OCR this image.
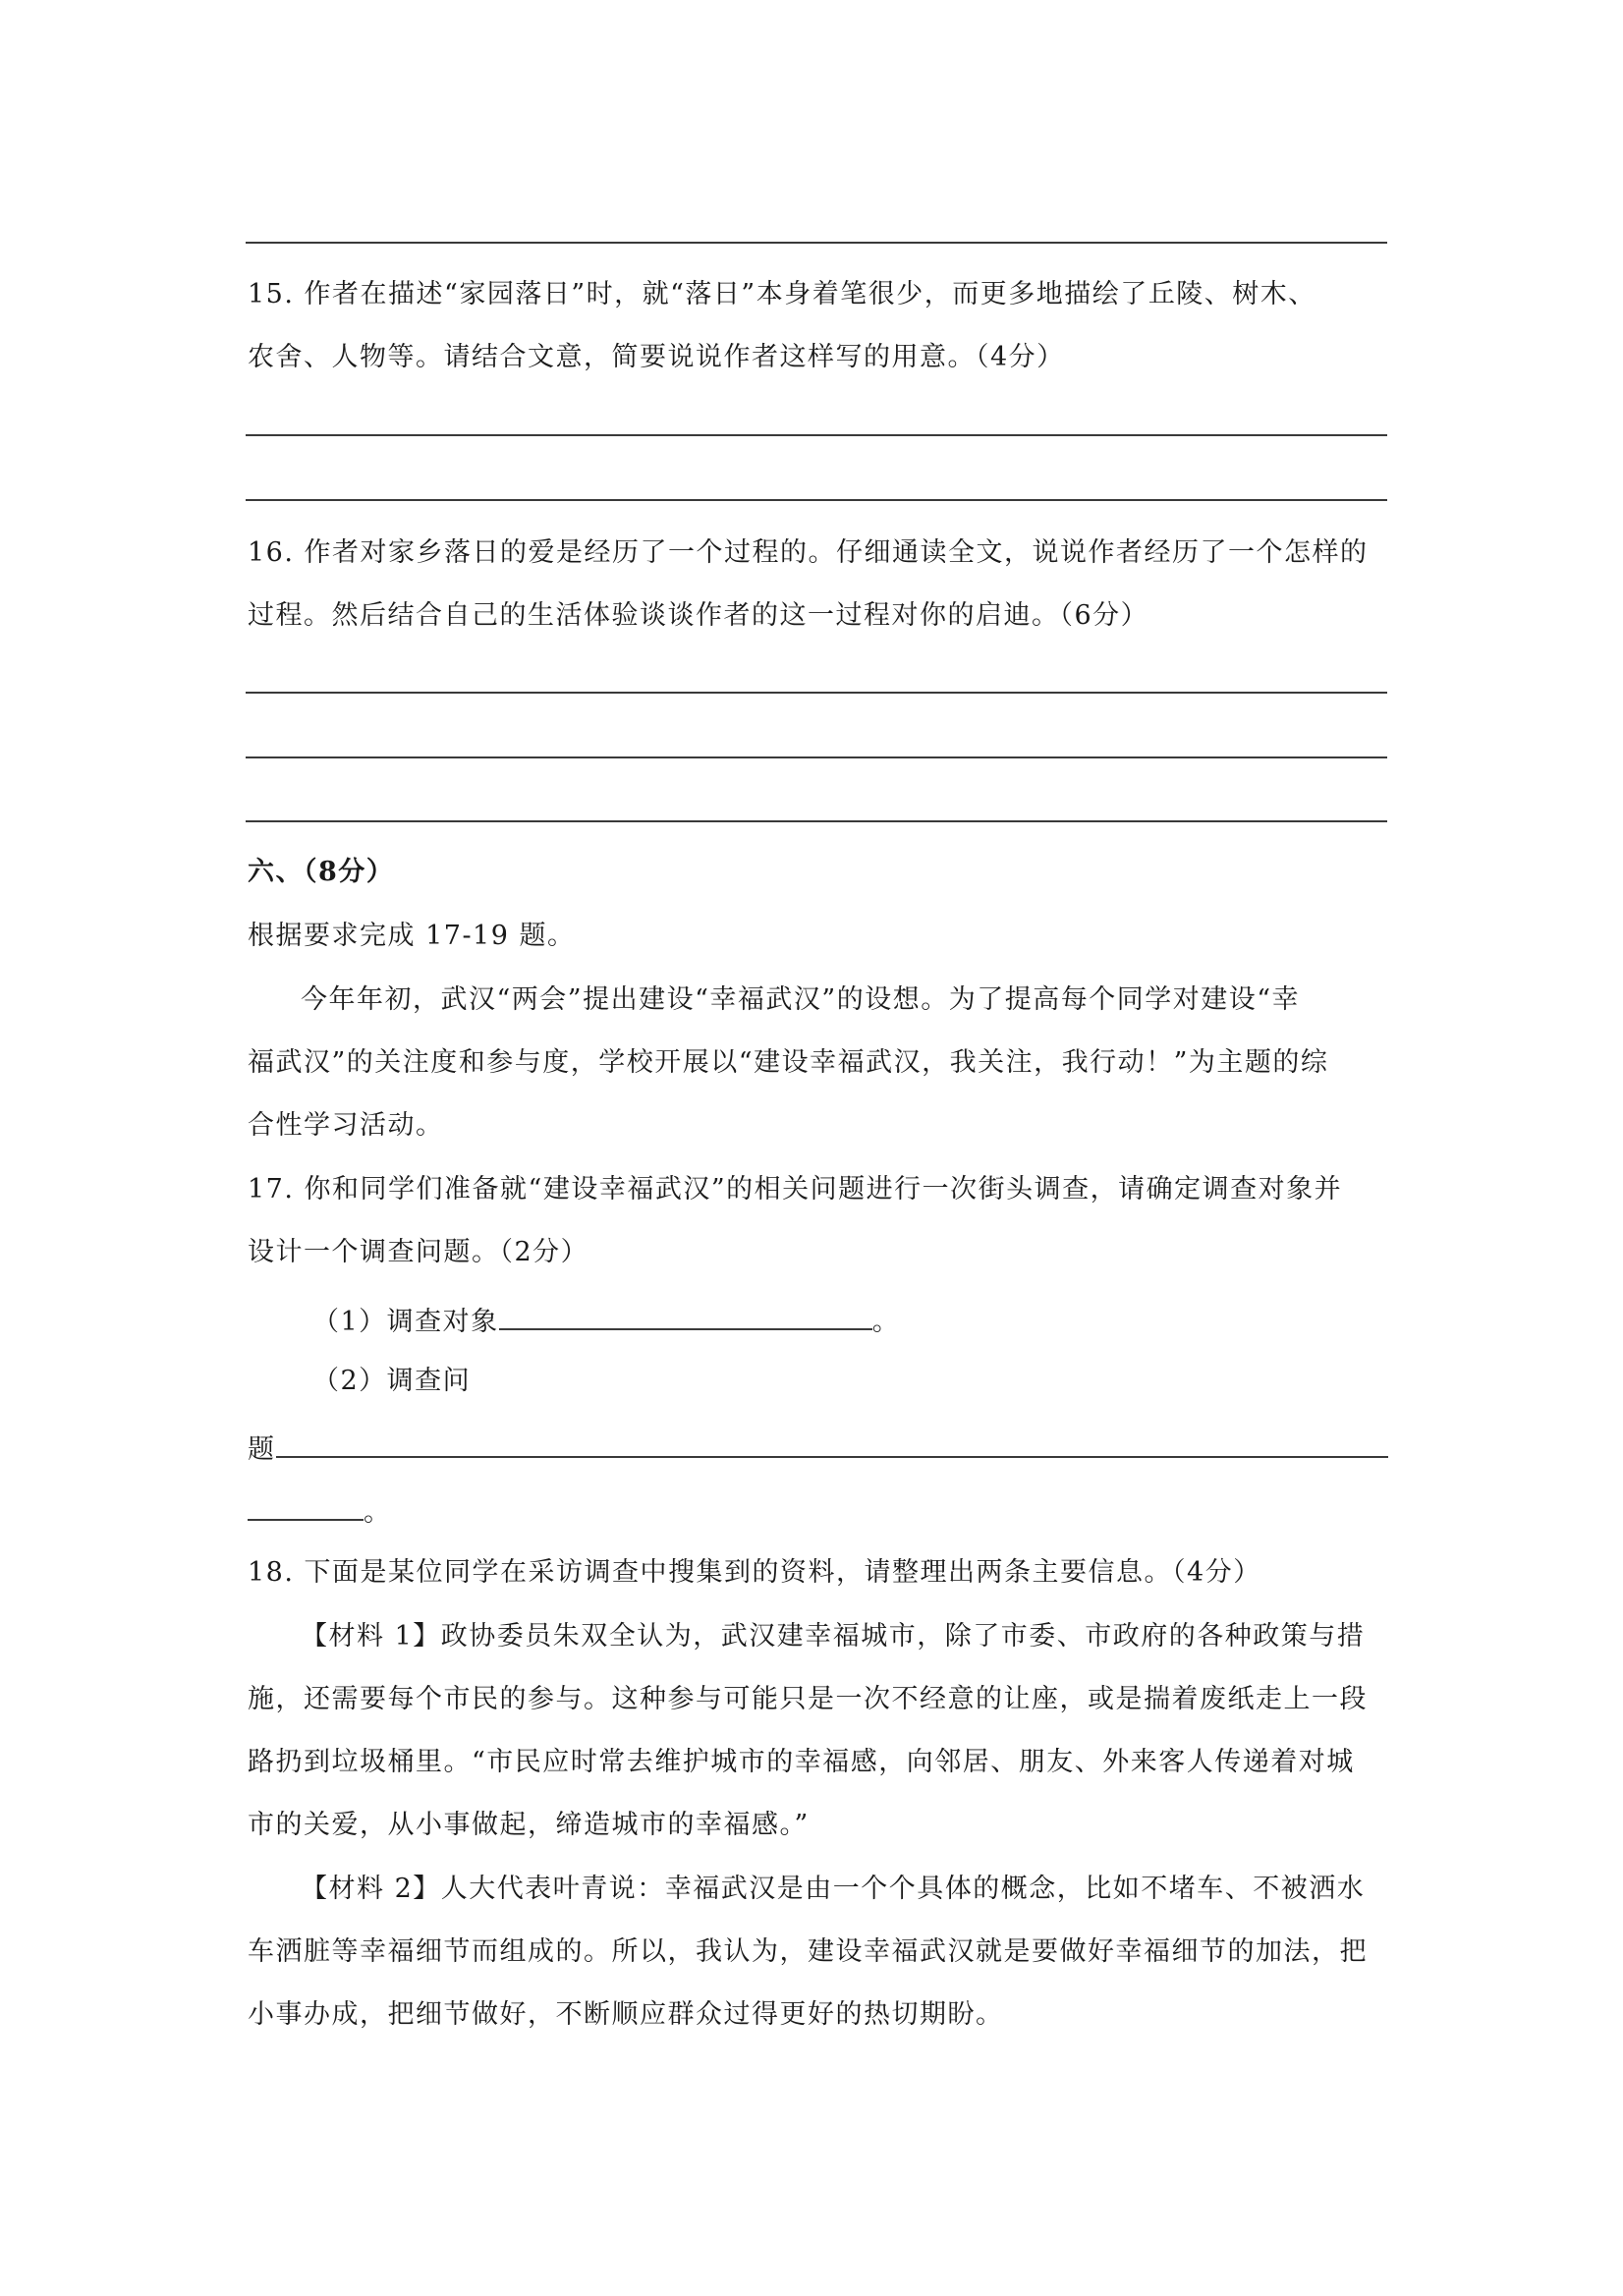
15. 作者在描述“家园落日”时，就“落日”本身着笔很少，而更多地描绘了丘陵、树木、
农舍、人物等。请结合文意，简要说说作者这样写的用意。（4分）
16. 作者对家乡落日的爱是经历了一个过程的。仔细通读全文，说说作者经历了一个怎样的
过程。然后结合自己的生活体验谈谈作者的这一过程对你的启迪。（6分）
六、（8分）
根据要求完成 17-19 题。
今年年初，武汉“两会”提出建设“幸福武汉”的设想。为了提高每个同学对建设“幸
福武汉”的关注度和参与度，学校开展以“建设幸福武汉，我关注，我行动！”为主题的综
合性学习活动。
17. 你和同学们准备就“建设幸福武汉”的相关问题进行一次街头调查，请确定调查对象并
设计一个调查问题。（2分）
（1）调查对象	。
（2）调查问
题
。
18. 下面是某位同学在采访调查中搜集到的资料，请整理出两条主要信息。（4分）
【材料 1】政协委员朱双全认为，武汉建幸福城市，除了市委、市政府的各种政策与措
施，还需要每个市民的参与。这种参与可能只是一次不经意的让座，或是揣着废纸走上一段
路扔到垃圾桶里。“市民应时常去维护城市的幸福感，向邻居、朋友、外来客人传递着对城
市的关爱，从小事做起，缔造城市的幸福感。”
【材料 2】人大代表叶青说：幸福武汉是由一个个具体的概念，比如不堵车、不被洒水
车洒脏等幸福细节而组成的。所以，我认为，建设幸福武汉就是要做好幸福细节的加法，把
小事办成，把细节做好，不断顺应群众过得更好的热切期盼。
